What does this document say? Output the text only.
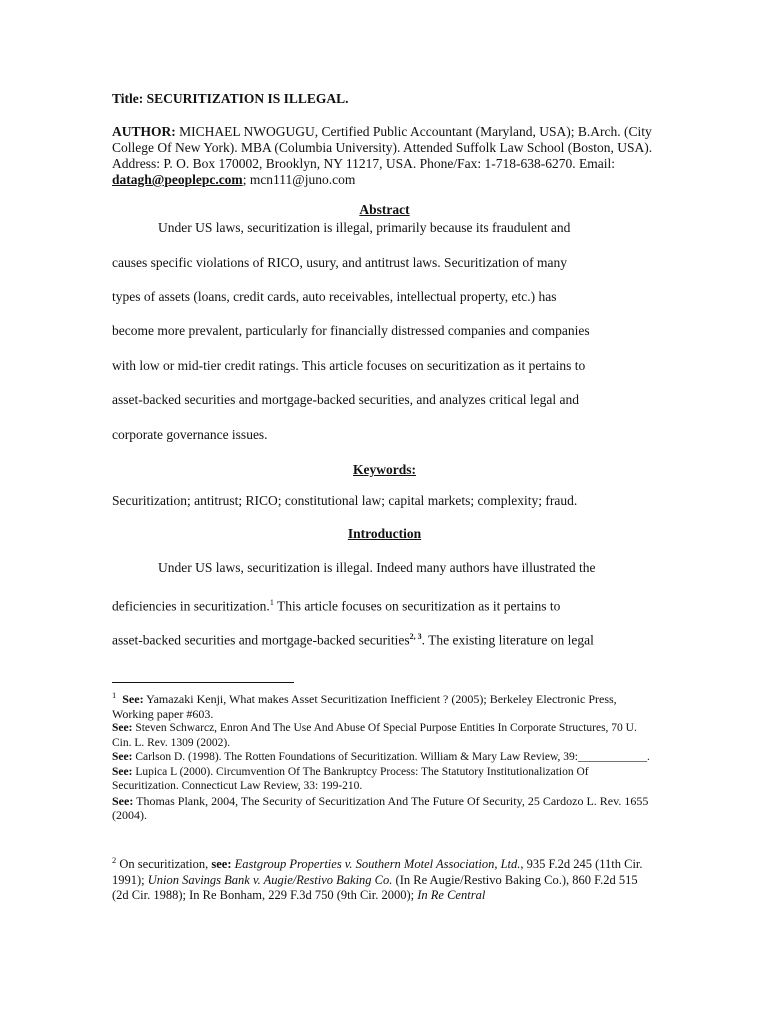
Title: SECURITIZATION IS ILLEGAL.
AUTHOR: MICHAEL NWOGUGU, Certified Public Accountant (Maryland, USA); B.Arch. (City College Of New York). MBA (Columbia University). Attended Suffolk Law School (Boston, USA). Address: P. O. Box 170002, Brooklyn, NY 11217, USA. Phone/Fax: 1-718-638-6270. Email: datagh@peoplepc.com; mcn111@juno.com
Abstract
Under US laws, securitization is illegal, primarily because its fraudulent and
causes specific violations of RICO, usury, and antitrust laws. Securitization of many
types of assets (loans, credit cards, auto receivables, intellectual property, etc.) has
become more prevalent, particularly for financially distressed companies and companies
with low or mid-tier credit ratings. This article focuses on securitization as it pertains to
asset-backed securities and mortgage-backed securities, and analyzes critical legal and
corporate governance issues.
Keywords:
Securitization; antitrust; RICO; constitutional law; capital markets; complexity; fraud.
Introduction
Under US laws, securitization is illegal. Indeed many authors have illustrated the
deficiencies in securitization.$^1$ This article focuses on securitization as it pertains to
asset-backed securities and mortgage-backed securities$^{2, 3}$. The existing literature on legal
$^1$ See: Yamazaki Kenji, What makes Asset Securitization Inefficient ? (2005); Berkeley Electronic Press, Working paper #603.
See: Steven Schwarcz, Enron And The Use And Abuse Of Special Purpose Entities In Corporate Structures, 70 U. Cin. L. Rev. 1309 (2002).
See: Carlson D. (1998). The Rotten Foundations of Securitization. William & Mary Law Review, 39:____________.
See: Lupica L (2000). Circumvention Of The Bankruptcy Process: The Statutory Institutionalization Of Securitization. Connecticut Law Review, 33: 199-210.
See: Thomas Plank, 2004, The Security of Securitization And The Future Of Security, 25 Cardozo L. Rev. 1655 (2004).
$^2$ On securitization, see: Eastgroup Properties v. Southern Motel Association, Ltd., 935 F.2d 245 (11th Cir. 1991); Union Savings Bank v. Augie/Restivo Baking Co. (In Re Augie/Restivo Baking Co.), 860 F.2d 515 (2d Cir. 1988); In Re Bonham, 229 F.3d 750 (9th Cir. 2000); In Re Central
